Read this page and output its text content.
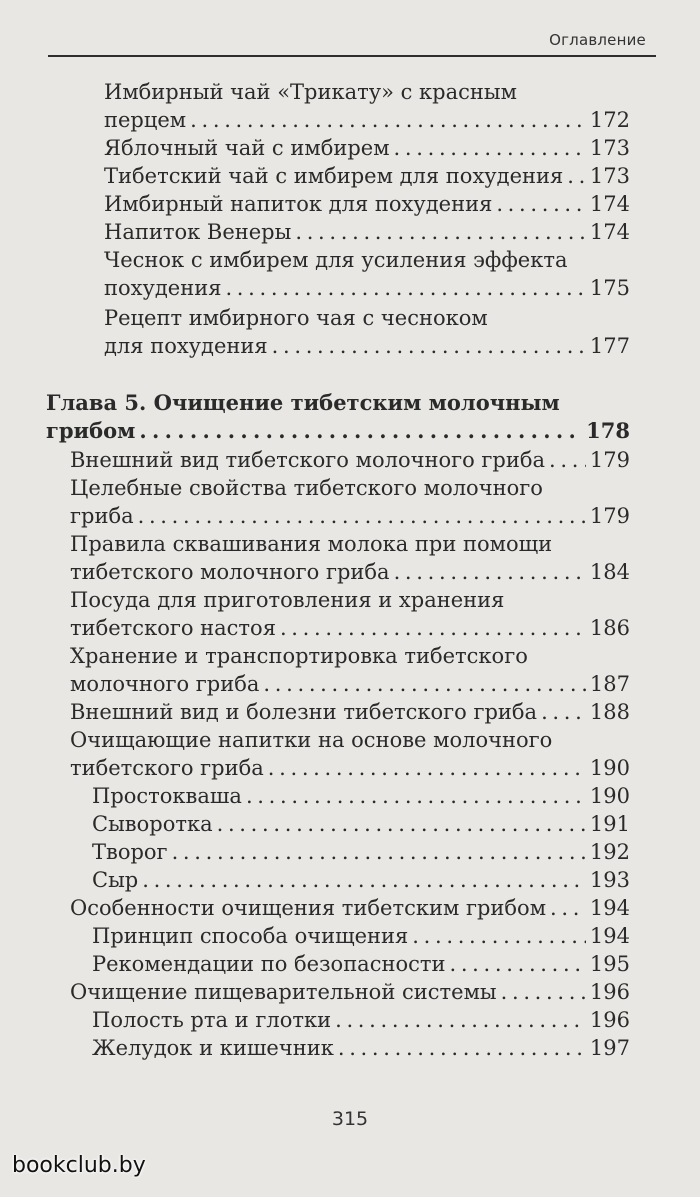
Оглавление
Имбирный чай «Трикату» с красным
перцем . . .	172
Яблочный чай с имбирем . . .	173
Тибетский чай с имбирем для похудения . . . 173
Имбирный напиток для похудения . . .	174
Напиток Венеры . . .	174
Чеснок с имбирем для усиления эффекта
похудения . . .	175
Рецепт имбирного чая с чесноком
для похудения . . .	177
Глава 5. Очищение тибетским молочным
грибом . . .	178
Внешний вид тибетского молочного гриба . . . 179
Целебные свойства тибетского молочного
гриба . . .	179
Правила сквашивания молока при помощи
тибетского молочного гриба . . .	184
Посуда для приготовления и хранения
тибетского настоя . . .	186
Хранение и транспортировка тибетского
молочного гриба . . .	187
Внешний вид и болезни тибетского гриба . . .	188
Очищающие напитки на основе молочного
тибетского гриба . . .	190
Простокваша . . .	190
Сыворотка . . .	191
Творог . . .	192
Сыр . . .	193
Особенности очищения тибетским грибом . . . 194
Принцип способа очищения . . .	194
Рекомендации по безопасности . . .	195
Очищение пищеварительной системы . . .	196
Полость рта и глотки . . .	196
Желудок и кишечник . . .	197
315
bookclub.by
